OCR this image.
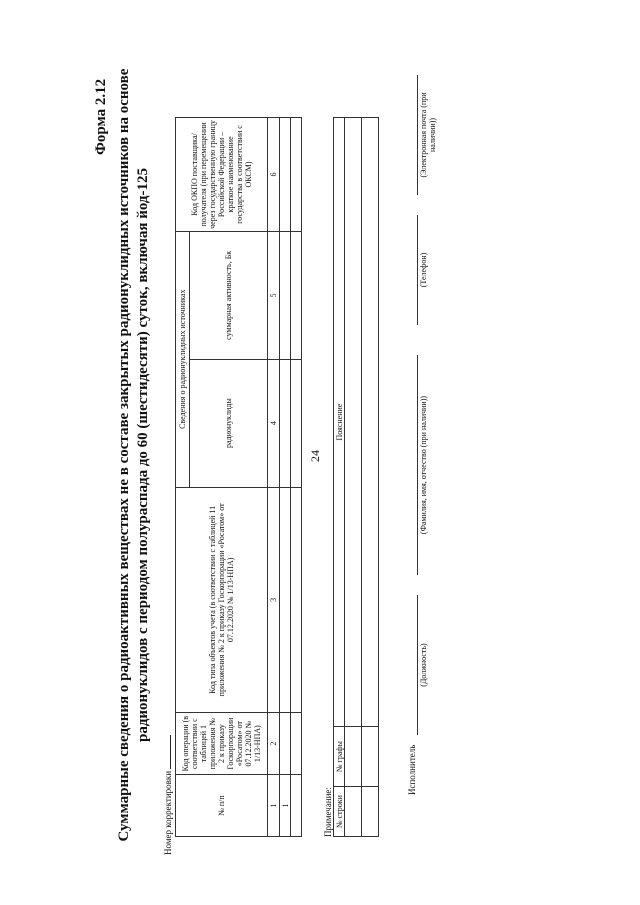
24
Форма 2.12 Суммарные сведения о радиоактивных веществах не в составе закрытых радионуклидных источников на основе радионуклидов с периодом полураспада до 60 (шестидесяти) суток, включая йод-125
Номер корректировки	№ п/п	Код операции (в соответствии с таблицей 1 приложения № 2 к приказу Госкорпорации «Росатом» от 07.12.2020 № 1/13-НПА)	Код типа объектов учета (в соответствии с таблицей 11 приложения № 2 к приказу Госкорпорации «Росатом» от 07.12.2020 № 1/13-НПА)	Сведения о радионуклидных источниках		Код ОКПО поставщика/ получателя (при перемещении через государственную границу Российской Федерации – краткое наименование государства в соответствии с ОКСМ)
			радионуклиды	суммарная активность, Бк	
1	2	3	4	5	6
1					
						Примечание: № строки	№ графы	Пояснение

Исполнитель
(Должность)
(Фамилия, имя, отчество (при наличии))
(Телефон)
(Электронная почта (при наличии))
